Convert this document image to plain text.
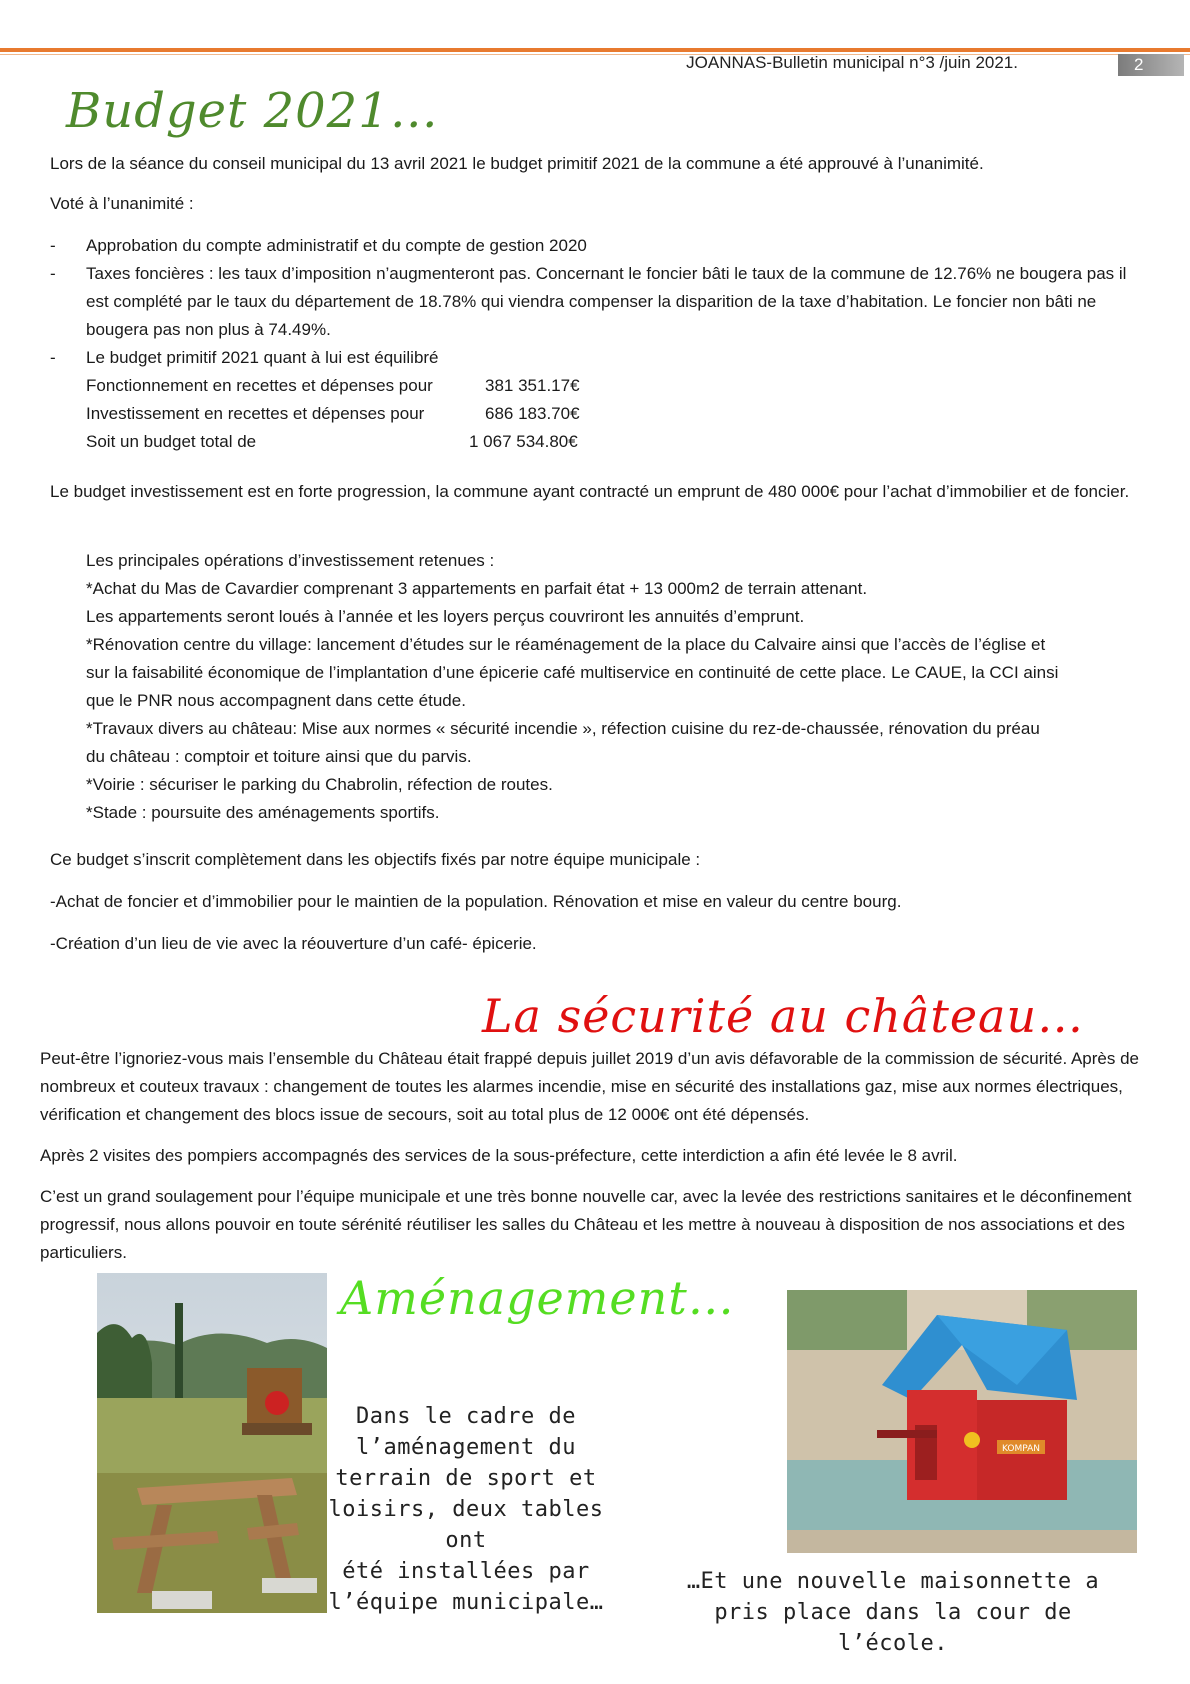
JOANNAS-Bulletin municipal n°3 /juin 2021.	2
Budget 2021…

Lors de la séance du conseil municipal du 13 avril 2021 le budget primitif 2021 de la commune a été approuvé à l’unanimité.

Voté à l’unanimité :

- Approbation du compte administratif et du compte de gestion 2020
- Taxes foncières : les taux d’imposition n’augmenteront pas. Concernant le foncier bâti le taux de la commune de 12.76% ne bougera pas il est complété par le taux du département de 18.78% qui viendra compenser la disparition de la taxe d’habitation. Le foncier non bâti ne bougera pas non plus à 74.49%.
- Le budget primitif 2021 quant à lui est équilibré
Fonctionnement en recettes et dépenses pour	381 351.17€
Investissement en recettes et dépenses pour	686 183.70€
Soit un budget total de	1 067 534.80€

Le budget investissement est en forte progression, la commune ayant contracté un emprunt de 480 000€ pour l’achat d’immobilier et de foncier.

Les principales opérations d’investissement retenues :
*Achat du Mas de Cavardier comprenant 3 appartements en parfait état + 13 000m2 de terrain attenant.
Les appartements seront loués à l’année et les loyers perçus couvriront les annuités d’emprunt.
*Rénovation centre du village: lancement d’études sur le réaménagement de la place du Calvaire ainsi que l’accès de l’église et
sur la faisabilité économique de l’implantation d’une épicerie café multiservice en continuité de cette place. Le CAUE, la CCI ainsi
que le PNR nous accompagnent dans cette étude.
*Travaux divers au château: Mise aux normes « sécurité incendie », réfection cuisine du rez-de-chaussée, rénovation du préau
du château : comptoir et toiture ainsi que du parvis.
*Voirie : sécuriser le parking du Chabrolin, réfection de routes.
*Stade : poursuite des aménagements sportifs.

Ce budget s’inscrit complètement dans les objectifs fixés par notre équipe municipale :

-Achat de foncier et d’immobilier pour le maintien de la population. Rénovation et mise en valeur du centre bourg.

-Création d’un lieu de vie avec la réouverture d’un café- épicerie.

La sécurité au château…

Peut-être l’ignoriez-vous mais l’ensemble du Château était frappé depuis juillet 2019 d’un avis défavorable de la commission de sécurité. Après de nombreux et couteux travaux : changement de toutes les alarmes incendie, mise en sécurité des installations gaz, mise aux normes électriques, vérification et changement des blocs issue de secours, soit au total plus de 12 000€ ont été dépensés.

Après 2 visites des pompiers accompagnés des services de la sous-préfecture, cette interdiction a afin été levée le 8 avril.

C’est un grand soulagement pour l’équipe municipale et une très bonne nouvelle car, avec la levée des restrictions sanitaires et le déconfinement progressif, nous allons pouvoir en toute sérénité réutiliser les salles du Château et les mettre à nouveau à disposition de nos associations et des particuliers.

Aménagement…
Dans le cadre de
l’aménagement du
terrain de sport et
loisirs, deux tables ont
été installées par
l’équipe municipale…
KOMPAN
…Et une nouvelle maisonnette a
pris place dans la cour de l’école.
